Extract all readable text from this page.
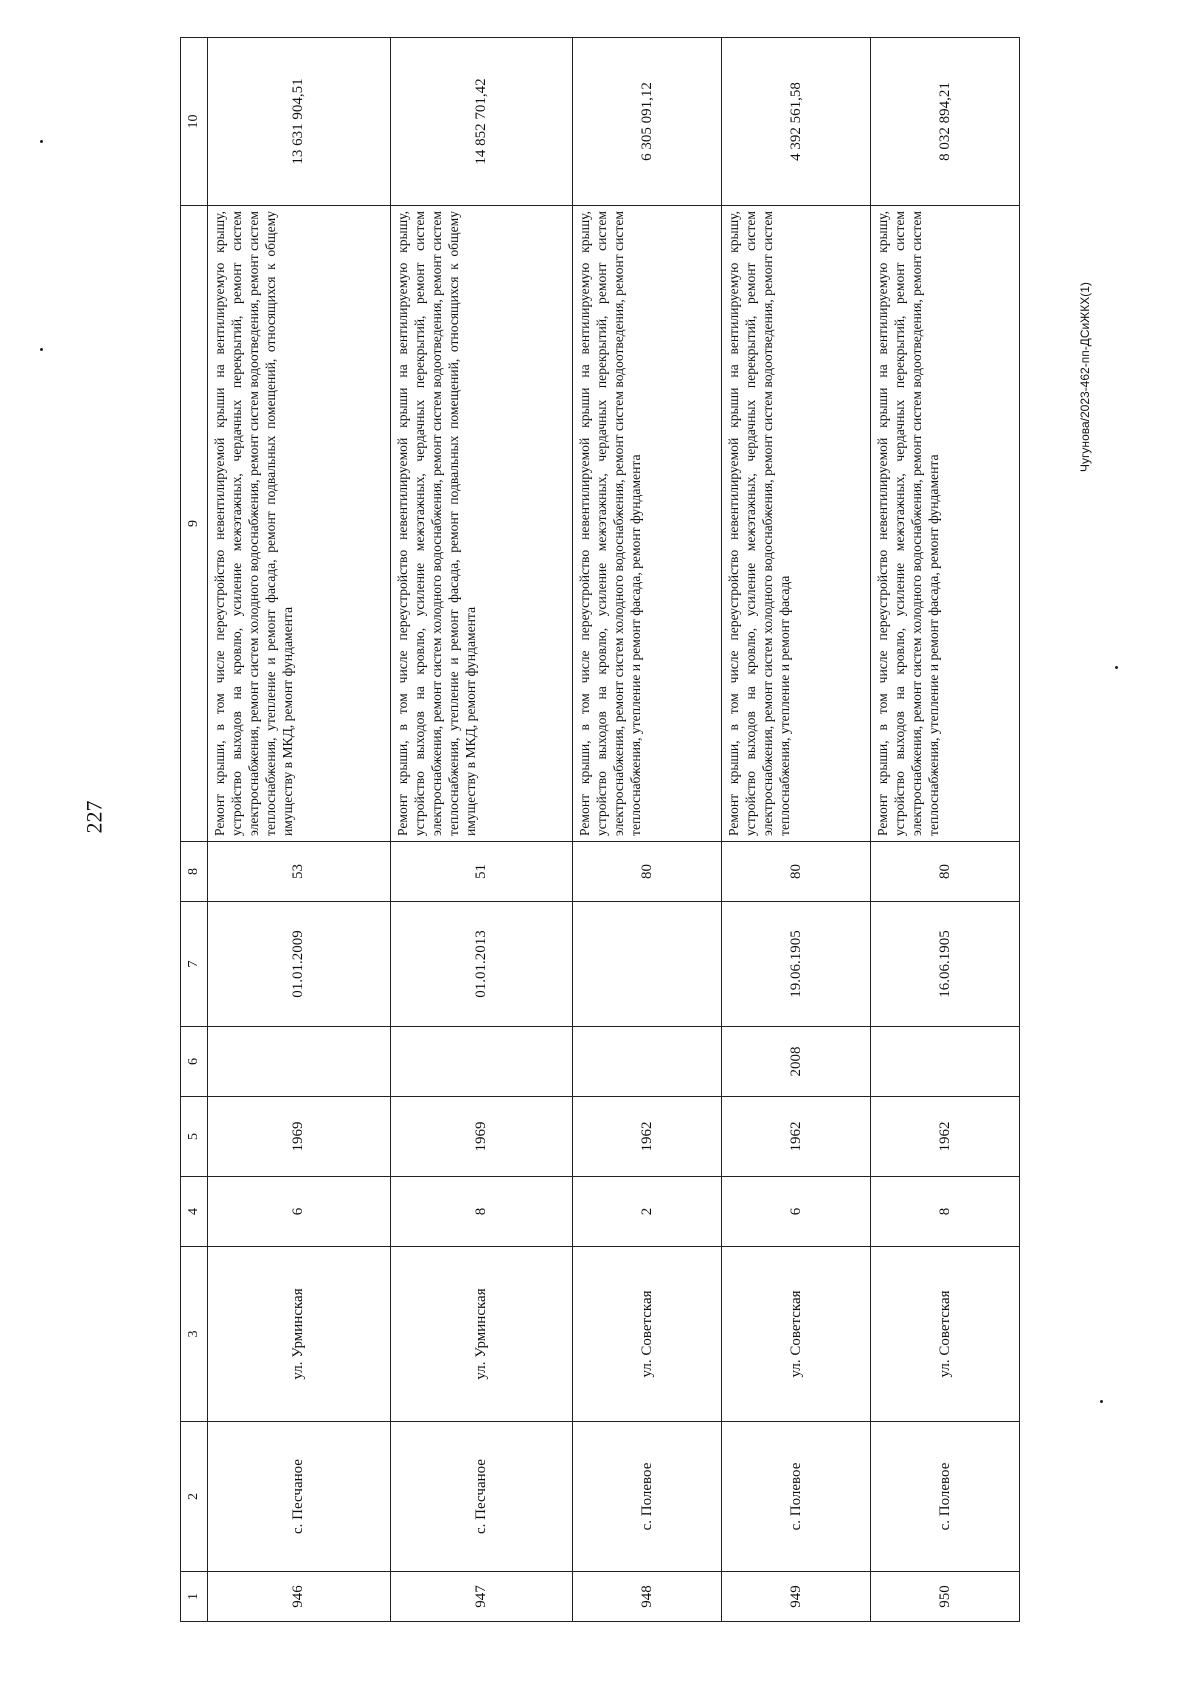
227
Чугунова/2023-462-пп-ДСиЖКХ(1)
1	2	3	4	5	6	7	8	9	10
946	с. Песчаное	ул. Урминская	6	1969		01.01.2009	53	Ремонт крыши, в том числе переустройство невентилируемой крыши на вентилируемую крышу, устройство выходов на кровлю, усиление межэтажных, чердачных перекрытий, ремонт систем электроснабжения, ремонт систем холодного водоснабжения, ремонт систем водоотведения, ремонт систем теплоснабжения, утепление и ремонт фасада, ремонт подвальных помещений, относящихся к общему имуществу в МКД, ремонт фундамента	13 631 904,51
947	с. Песчаное	ул. Урминская	8	1969		01.01.2013	51	Ремонт крыши, в том числе переустройство невентилируемой крыши на вентилируемую крышу, устройство выходов на кровлю, усиление межэтажных, чердачных перекрытий, ремонт систем электроснабжения, ремонт систем холодного водоснабжения, ремонт систем водоотведения, ремонт систем теплоснабжения, утепление и ремонт фасада, ремонт подвальных помещений, относящихся к общему имуществу в МКД, ремонт фундамента	14 852 701,42
948	с. Полевое	ул. Советская	2	1962			80	Ремонт крыши, в том числе переустройство невентилируемой крыши на вентилируемую крышу, устройство выходов на кровлю, усиление межэтажных, чердачных перекрытий, ремонт систем электроснабжения, ремонт систем холодного водоснабжения, ремонт систем водоотведения, ремонт систем теплоснабжения, утепление и ремонт фасада, ремонт фундамента	6 305 091,12
949	с. Полевое	ул. Советская	6	1962	2008	19.06.1905	80	Ремонт крыши, в том числе переустройство невентилируемой крыши на вентилируемую крышу, устройство выходов на кровлю, усиление межэтажных, чердачных перекрытий, ремонт систем электроснабжения, ремонт систем холодного водоснабжения, ремонт систем водоотведения, ремонт систем теплоснабжения, утепление и ремонт фасада	4 392 561,58
950	с. Полевое	ул. Советская	8	1962		16.06.1905	80	Ремонт крыши, в том числе переустройство невентилируемой крыши на вентилируемую крышу, устройство выходов на кровлю, усиление межэтажных, чердачных перекрытий, ремонт систем электроснабжения, ремонт систем холодного водоснабжения, ремонт систем водоотведения, ремонт систем теплоснабжения, утепление и ремонт фасада, ремонт фундамента	8 032 894,21
